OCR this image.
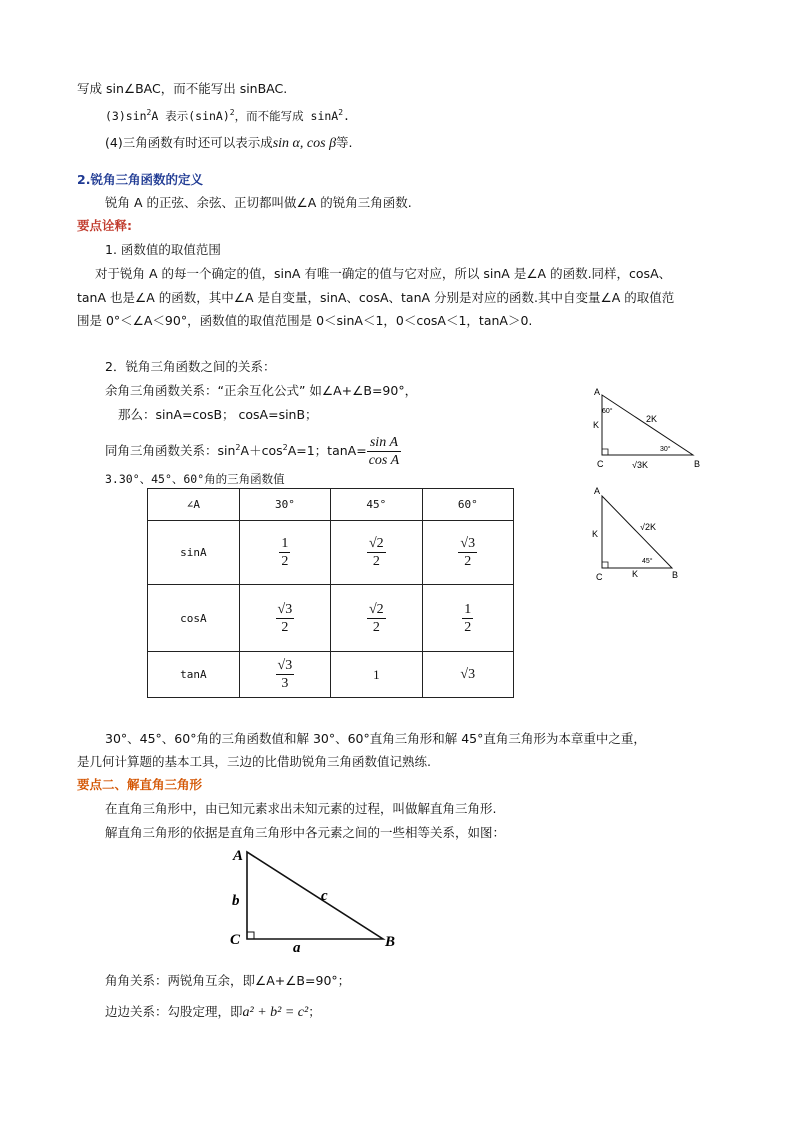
写成 sin∠BAC，而不能写出 sinBAC.
$(3)\sin^2A$ 表示$(\sin A)^2$，而不能写成 sinA$^2$.
(4)三角函数有时还可以表示成sin α, cos β等.
2.锐角三角函数的定义
锐角 A 的正弦、余弦、正切都叫做∠A 的锐角三角函数.
要点诠释:
1. 函数值的取值范围
对于锐角 A 的每一个确定的值，sinA 有唯一确定的值与它对应，所以 sinA 是∠A 的函数.同样，cosA、
tanA 也是∠A 的函数，其中∠A 是自变量，sinA、cosA、tanA 分别是对应的函数.其中自变量∠A 的取值范
围是 0°＜∠A＜90°，函数值的取值范围是 0＜sinA＜1，0＜cosA＜1，tanA＞0.
2．锐角三角函数之间的关系：
余角三角函数关系：“正余互化公式” 如∠A+∠B=90°，
那么：sinA=cosB； cosA=sinB；
同角三角函数关系：$\sin^2A+\cos^2A=1$；$\tan A= \frac{\text{sin A}}{\text{cos A}}$
3.30°、45°、60°角的三角函数值
∠A	30°	45°	60°
sinA	$\frac{1}{2}$	$\frac{√2}{2}$	$\frac{√3}{2}$

cosA	$\frac{√3}{2}$	$\frac{√2}{2}$	$\frac{1}{2}$

tanA	$\frac{√3}{3}$	1	√3
A
C	B
60°
30°
2K
K
√3K
A
C	B
45°
√2K
K
K
30°、45°、60°角的三角函数值和解 30°、60°直角三角形和解 45°直角三角形为本章重中之重，
是几何计算题的基本工具，三边的比借助锐角三角函数值记熟练.
要点二、解直角三角形
在直角三角形中，由已知元素求出未知元素的过程，叫做解直角三角形.
解直角三角形的依据是直角三角形中各元素之间的一些相等关系，如图：
A
C	B
b	c
a
角角关系：两锐角互余，即∠A+∠B=90°；
边边关系：勾股定理，即a² + b² = c²；
